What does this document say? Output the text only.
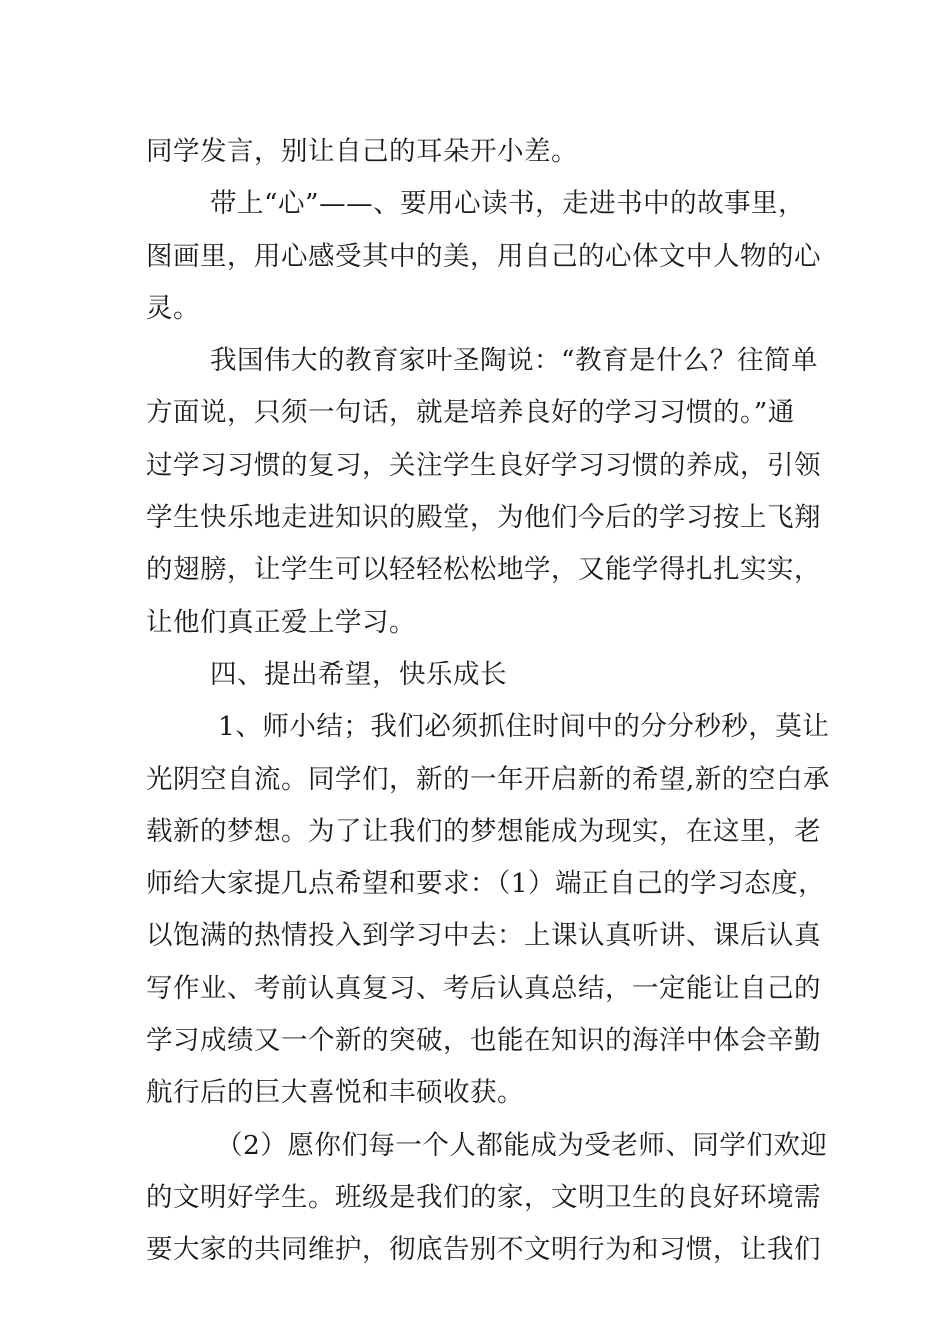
同学发言，别让自己的耳朵开小差。
带上“心”——、要用心读书，走进书中的故事里，
图画里，用心感受其中的美，用自己的心体文中人物的心
灵。
我国伟大的教育家叶圣陶说：“教育是什么？往简单
方面说，只须一句话，就是培养良好的学习习惯的。”通
过学习习惯的复习，关注学生良好学习习惯的养成，引领
学生快乐地走进知识的殿堂，为他们今后的学习按上飞翔
的翅膀，让学生可以轻轻松松地学，又能学得扎扎实实，
让他们真正爱上学习。
四、提出希望，快乐成长
1、师小结；我们必须抓住时间中的分分秒秒，莫让
光阴空自流。同学们，新的一年开启新的希望,新的空白承
载新的梦想。为了让我们的梦想能成为现实，在这里，老
师给大家提几点希望和要求：（1）端正自己的学习态度，
以饱满的热情投入到学习中去：上课认真听讲、课后认真
写作业、考前认真复习、考后认真总结，一定能让自己的
学习成绩又一个新的突破，也能在知识的海洋中体会辛勤
航行后的巨大喜悦和丰硕收获。
（2）愿你们每一个人都能成为受老师、同学们欢迎
的文明好学生。班级是我们的家，文明卫生的良好环境需
要大家的共同维护，彻底告别不文明行为和习惯，让我们
